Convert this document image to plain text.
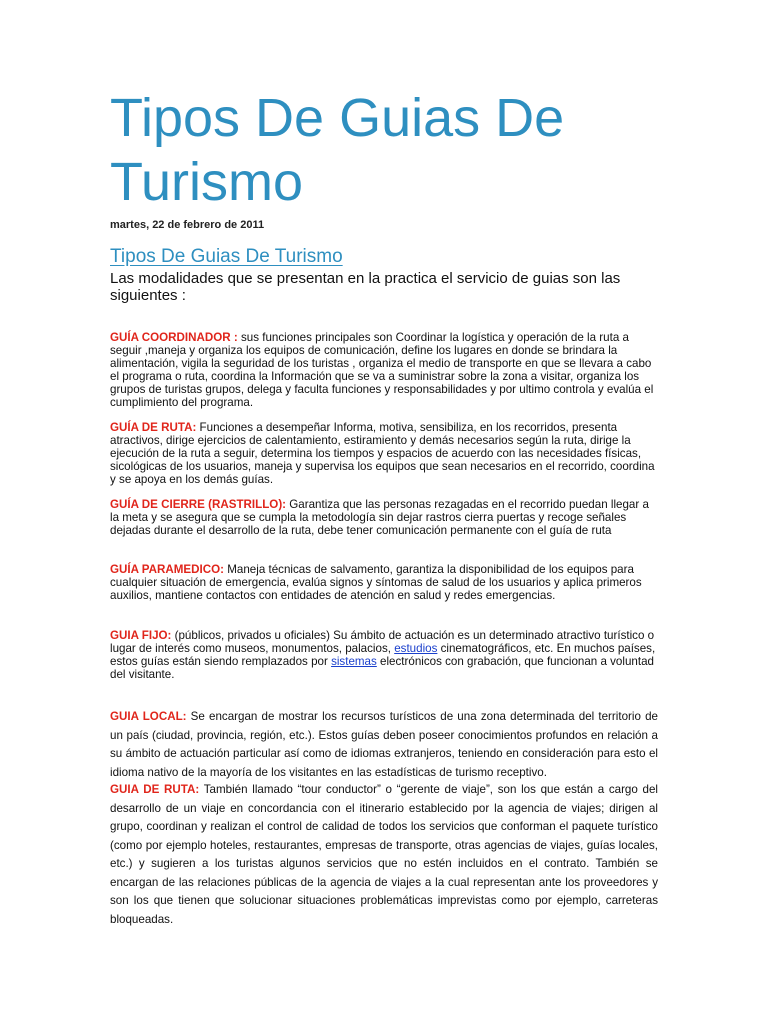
Tipos De Guias De Turismo
martes, 22 de febrero de 2011
Tipos De Guias De Turismo
Las modalidades que se presentan en la practica el servicio de guias son las siguientes :
GUÍA COORDINADOR : sus funciones principales son Coordinar la logística y operación de la ruta a seguir ,maneja y organiza los equipos de comunicación, define los lugares en donde se brindara la alimentación, vigila la seguridad de los turistas , organiza el medio de transporte en que se llevara a cabo el programa o ruta, coordina la Información que se va a suministrar sobre la zona a visitar, organiza los grupos de turistas grupos, delega y faculta funciones y responsabilidades y por ultimo controla y evalúa el cumplimiento del programa.
GUÍA DE RUTA: Funciones a desempeñar Informa, motiva, sensibiliza, en los recorridos, presenta atractivos, dirige ejercicios de calentamiento, estiramiento y demás necesarios según la ruta, dirige la ejecución de la ruta a seguir, determina los tiempos y espacios de acuerdo con las necesidades físicas, sicológicas de los usuarios, maneja y supervisa los equipos que sean necesarios en el recorrido, coordina y se apoya en los demás guías.
GUÍA DE CIERRE (RASTRILLO): Garantiza que las personas rezagadas en el recorrido puedan llegar a la meta y se asegura que se cumpla la metodología sin dejar rastros cierra puertas y recoge señales dejadas durante el desarrollo de la ruta, debe tener comunicación permanente con el guía de ruta
GUÍA PARAMEDICO: Maneja técnicas de salvamento, garantiza la disponibilidad de los equipos para cualquier situación de emergencia, evalúa signos y síntomas de salud de los usuarios y aplica primeros auxilios, mantiene contactos con entidades de atención en salud y redes emergencias.
GUIA FIJO: (públicos, privados u oficiales) Su ámbito de actuación es un determinado atractivo turístico o lugar de interés como museos, monumentos, palacios, estudios cinematográficos, etc. En muchos países, estos guías están siendo remplazados por sistemas electrónicos con grabación, que funcionan a voluntad del visitante.
GUIA LOCAL: Se encargan de mostrar los recursos turísticos de una zona determinada del territorio de un país (ciudad, provincia, región, etc.). Estos guías deben poseer conocimientos profundos en relación a su ámbito de actuación particular así como de idiomas extranjeros, teniendo en consideración para esto el idioma nativo de la mayoría de los visitantes en las estadísticas de turismo receptivo.
GUIA DE RUTA: También llamado “tour conductor” o “gerente de viaje”, son los que están a cargo del desarrollo de un viaje en concordancia con el itinerario establecido por la agencia de viajes; dirigen al grupo, coordinan y realizan el control de calidad de todos los servicios que conforman el paquete turístico (como por ejemplo hoteles, restaurantes, empresas de transporte, otras agencias de viajes, guías locales, etc.) y sugieren a los turistas algunos servicios que no estén incluidos en el contrato. También se encargan de las relaciones públicas de la agencia de viajes a la cual representan ante los proveedores y son los que tienen que solucionar situaciones problemáticas imprevistas como por ejemplo, carreteras bloqueadas.
